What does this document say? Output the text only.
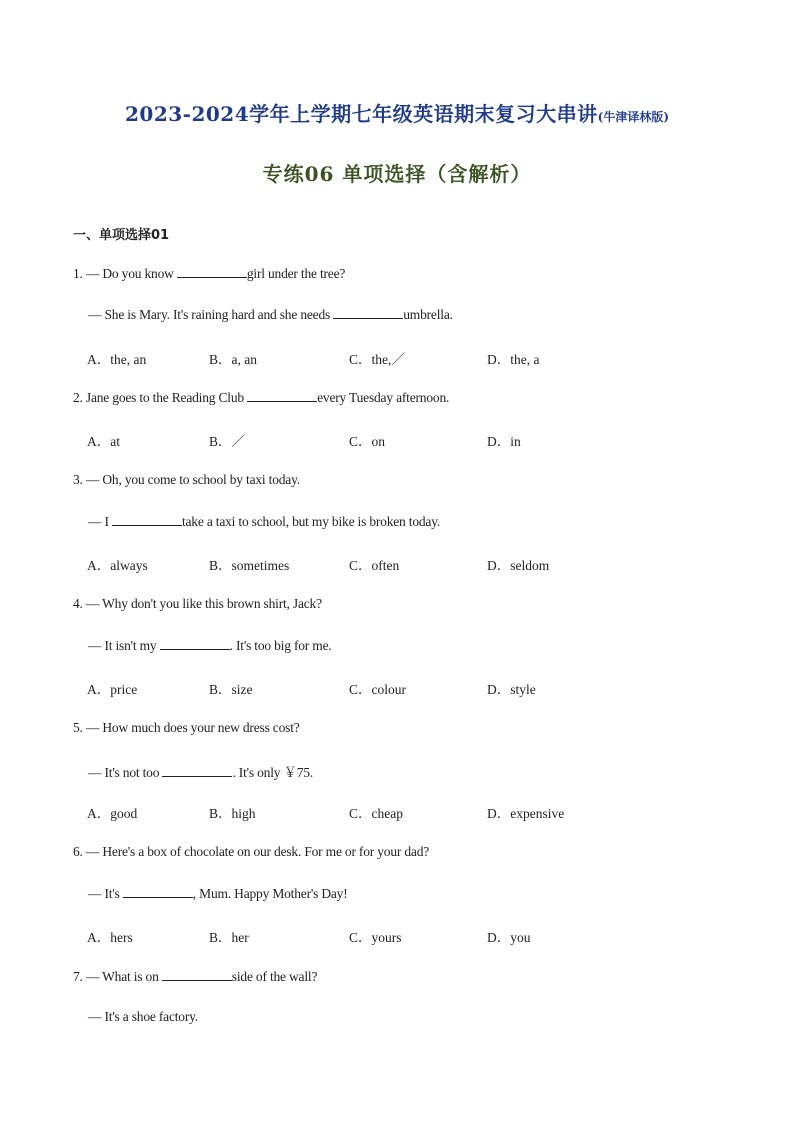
2023-2024学年上学期七年级英语期末复习大串讲(牛津译林版)
专练06 单项选择（含解析）
一、单项选择01
1. — Do you know	girl under the tree?
— She is Mary. It's raining hard and she needs	umbrella.
A．the, an	B．a, an	C．the,／	D．the, a
2. Jane goes to the Reading Club	every Tuesday afternoon.
A．at	B．／	C．on	D．in
3. — Oh, you come to school by taxi today.
— I	take a taxi to school, but my bike is broken today.
A．always	B．sometimes	C．often	D．seldom
4. — Why don't you like this brown shirt, Jack?
— It isn't my	. It's too big for me.
A．price	B．size	C．colour	D．style
5. — How much does your new dress cost?
— It's not too	. It's only ￥75.
A．good	B．high	C．cheap	D．expensive
6. — Here's a box of chocolate on our desk. For me or for your dad?
— It's	, Mum. Happy Mother's Day!
A．hers	B．her	C．yours	D．you
7. — What is on	side of the wall?
— It's a shoe factory.
